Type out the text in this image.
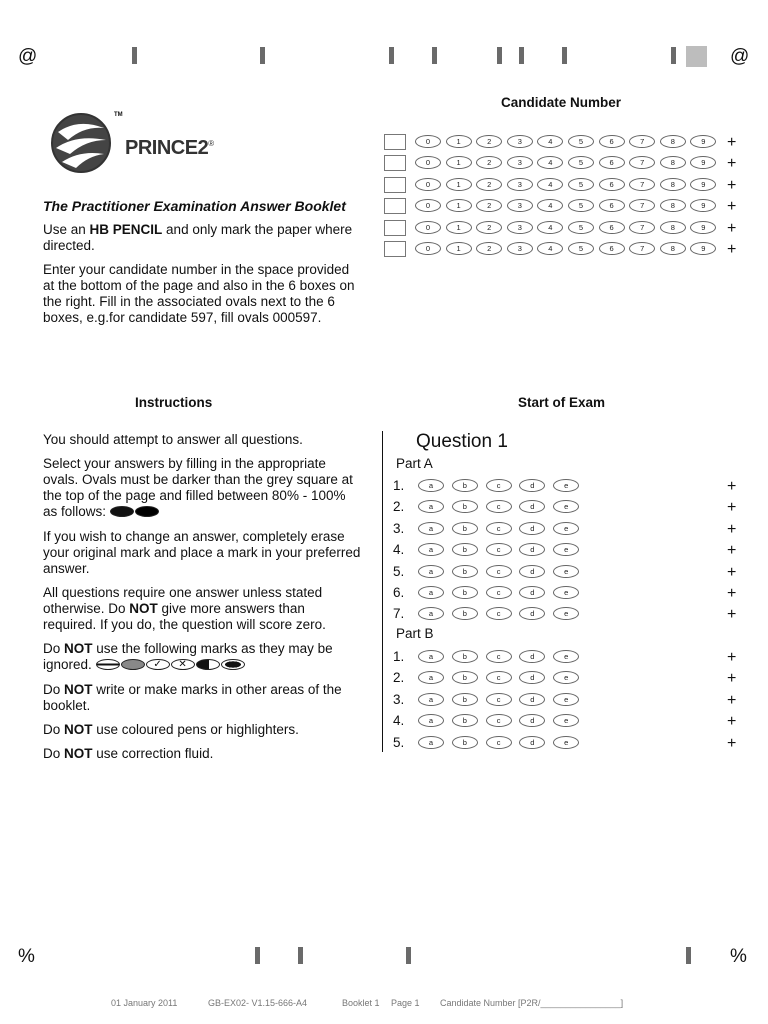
@	@
%	%
TM
PRINCE2®
The Practitioner Examination Answer Booklet
Use an HB PENCIL and only mark the paper where directed.
Enter your candidate number in the space provided at the bottom of the page and also in the 6 boxes on the right. Fill in the associated ovals next to the 6 boxes, e.g.for candidate 597, fill ovals 000597.
Candidate Number
0	1	2	3	4	5	6	7	8	9	+
0	1	2	3	4	5	6	7	8	9	+
0	1	2	3	4	5	6	7	8	9	+
0	1	2	3	4	5	6	7	8	9	+
0	1	2	3	4	5	6	7	8	9	+
0	1	2	3	4	5	6	7	8	9	+
Instructions
You should attempt to answer all questions.
Select your answers by filling in the appropriate ovals. Ovals must be darker than the grey square at the top of the page and filled between 80% - 100% as follows:
If you wish to change an answer, completely erase your original mark and place a mark in your preferred answer.
All questions require one answer unless stated otherwise. Do NOT give more answers than required. If you do, the question will score zero.
Do NOT use the following marks as they may be ignored.	✓ ✕
Do NOT write or make marks in other areas of the booklet.
Do NOT use coloured pens or highlighters.
Do NOT use correction fluid.
Start of Exam
Question 1
Part A
Part B
1.	a	b	c	d	e	+
2.	a	b	c	d	e	+
3.	a	b	c	d	e	+
4.	a	b	c	d	e	+
5.	a	b	c	d	e	+
6.	a	b	c	d	e	+
7.	a	b	c	d	e	+
1.	a	b	c	d	e	+
2.	a	b	c	d	e	+
3.	a	b	c	d	e	+
4.	a	b	c	d	e	+
5.	a	b	c	d	e	+
01 January 2011	GB-EX02- V1.15-666-A4	Booklet 1 Page 1 Candidate Number [P2R/________________]
